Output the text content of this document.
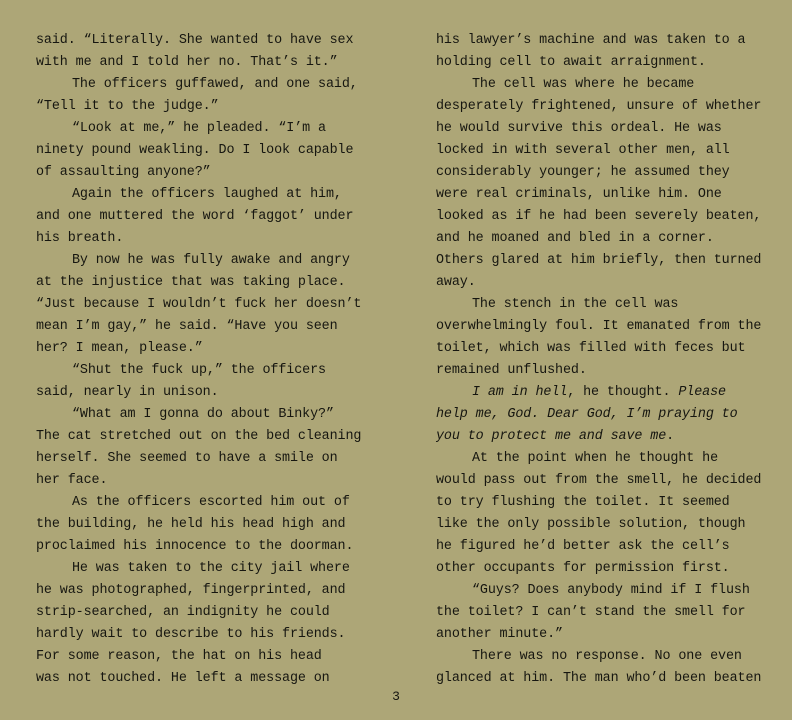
said. “Literally. She wanted to have sex
with me and I told her no. That’s it.”
The officers guffawed, and one said,
“Tell it to the judge.”
“Look at me,” he pleaded. “I’m a
ninety pound weakling. Do I look capable
of assaulting anyone?”
Again the officers laughed at him,
and one muttered the word ‘faggot’ under
his breath.
By now he was fully awake and angry
at the injustice that was taking place.
“Just because I wouldn’t fuck her doesn’t
mean I’m gay,” he said. “Have you seen
her? I mean, please.”
“Shut the fuck up,” the officers
said, nearly in unison.
“What am I gonna do about Binky?”
The cat stretched out on the bed cleaning
herself. She seemed to have a smile on
her face.
As the officers escorted him out of
the building, he held his head high and
proclaimed his innocence to the doorman.
He was taken to the city jail where
he was photographed, fingerprinted, and
strip-searched, an indignity he could
hardly wait to describe to his friends.
For some reason, the hat on his head
was not touched. He left a message on
his lawyer’s machine and was taken to a
holding cell to await arraignment.
The cell was where he became
desperately frightened, unsure of whether
he would survive this ordeal. He was
locked in with several other men, all
considerably younger; he assumed they
were real criminals, unlike him. One
looked as if he had been severely beaten,
and he moaned and bled in a corner.
Others glared at him briefly, then turned
away.
The stench in the cell was
overwhelmingly foul. It emanated from the
toilet, which was filled with feces but
remained unflushed.
I am in hell, he thought. Please
help me, God. Dear God, I’m praying to
you to protect me and save me.
At the point when he thought he
would pass out from the smell, he decided
to try flushing the toilet. It seemed
like the only possible solution, though
he figured he’d better ask the cell’s
other occupants for permission first.
“Guys? Does anybody mind if I flush
the toilet? I can’t stand the smell for
another minute.”
There was no response. No one even
glanced at him. The man who’d been beaten
3
